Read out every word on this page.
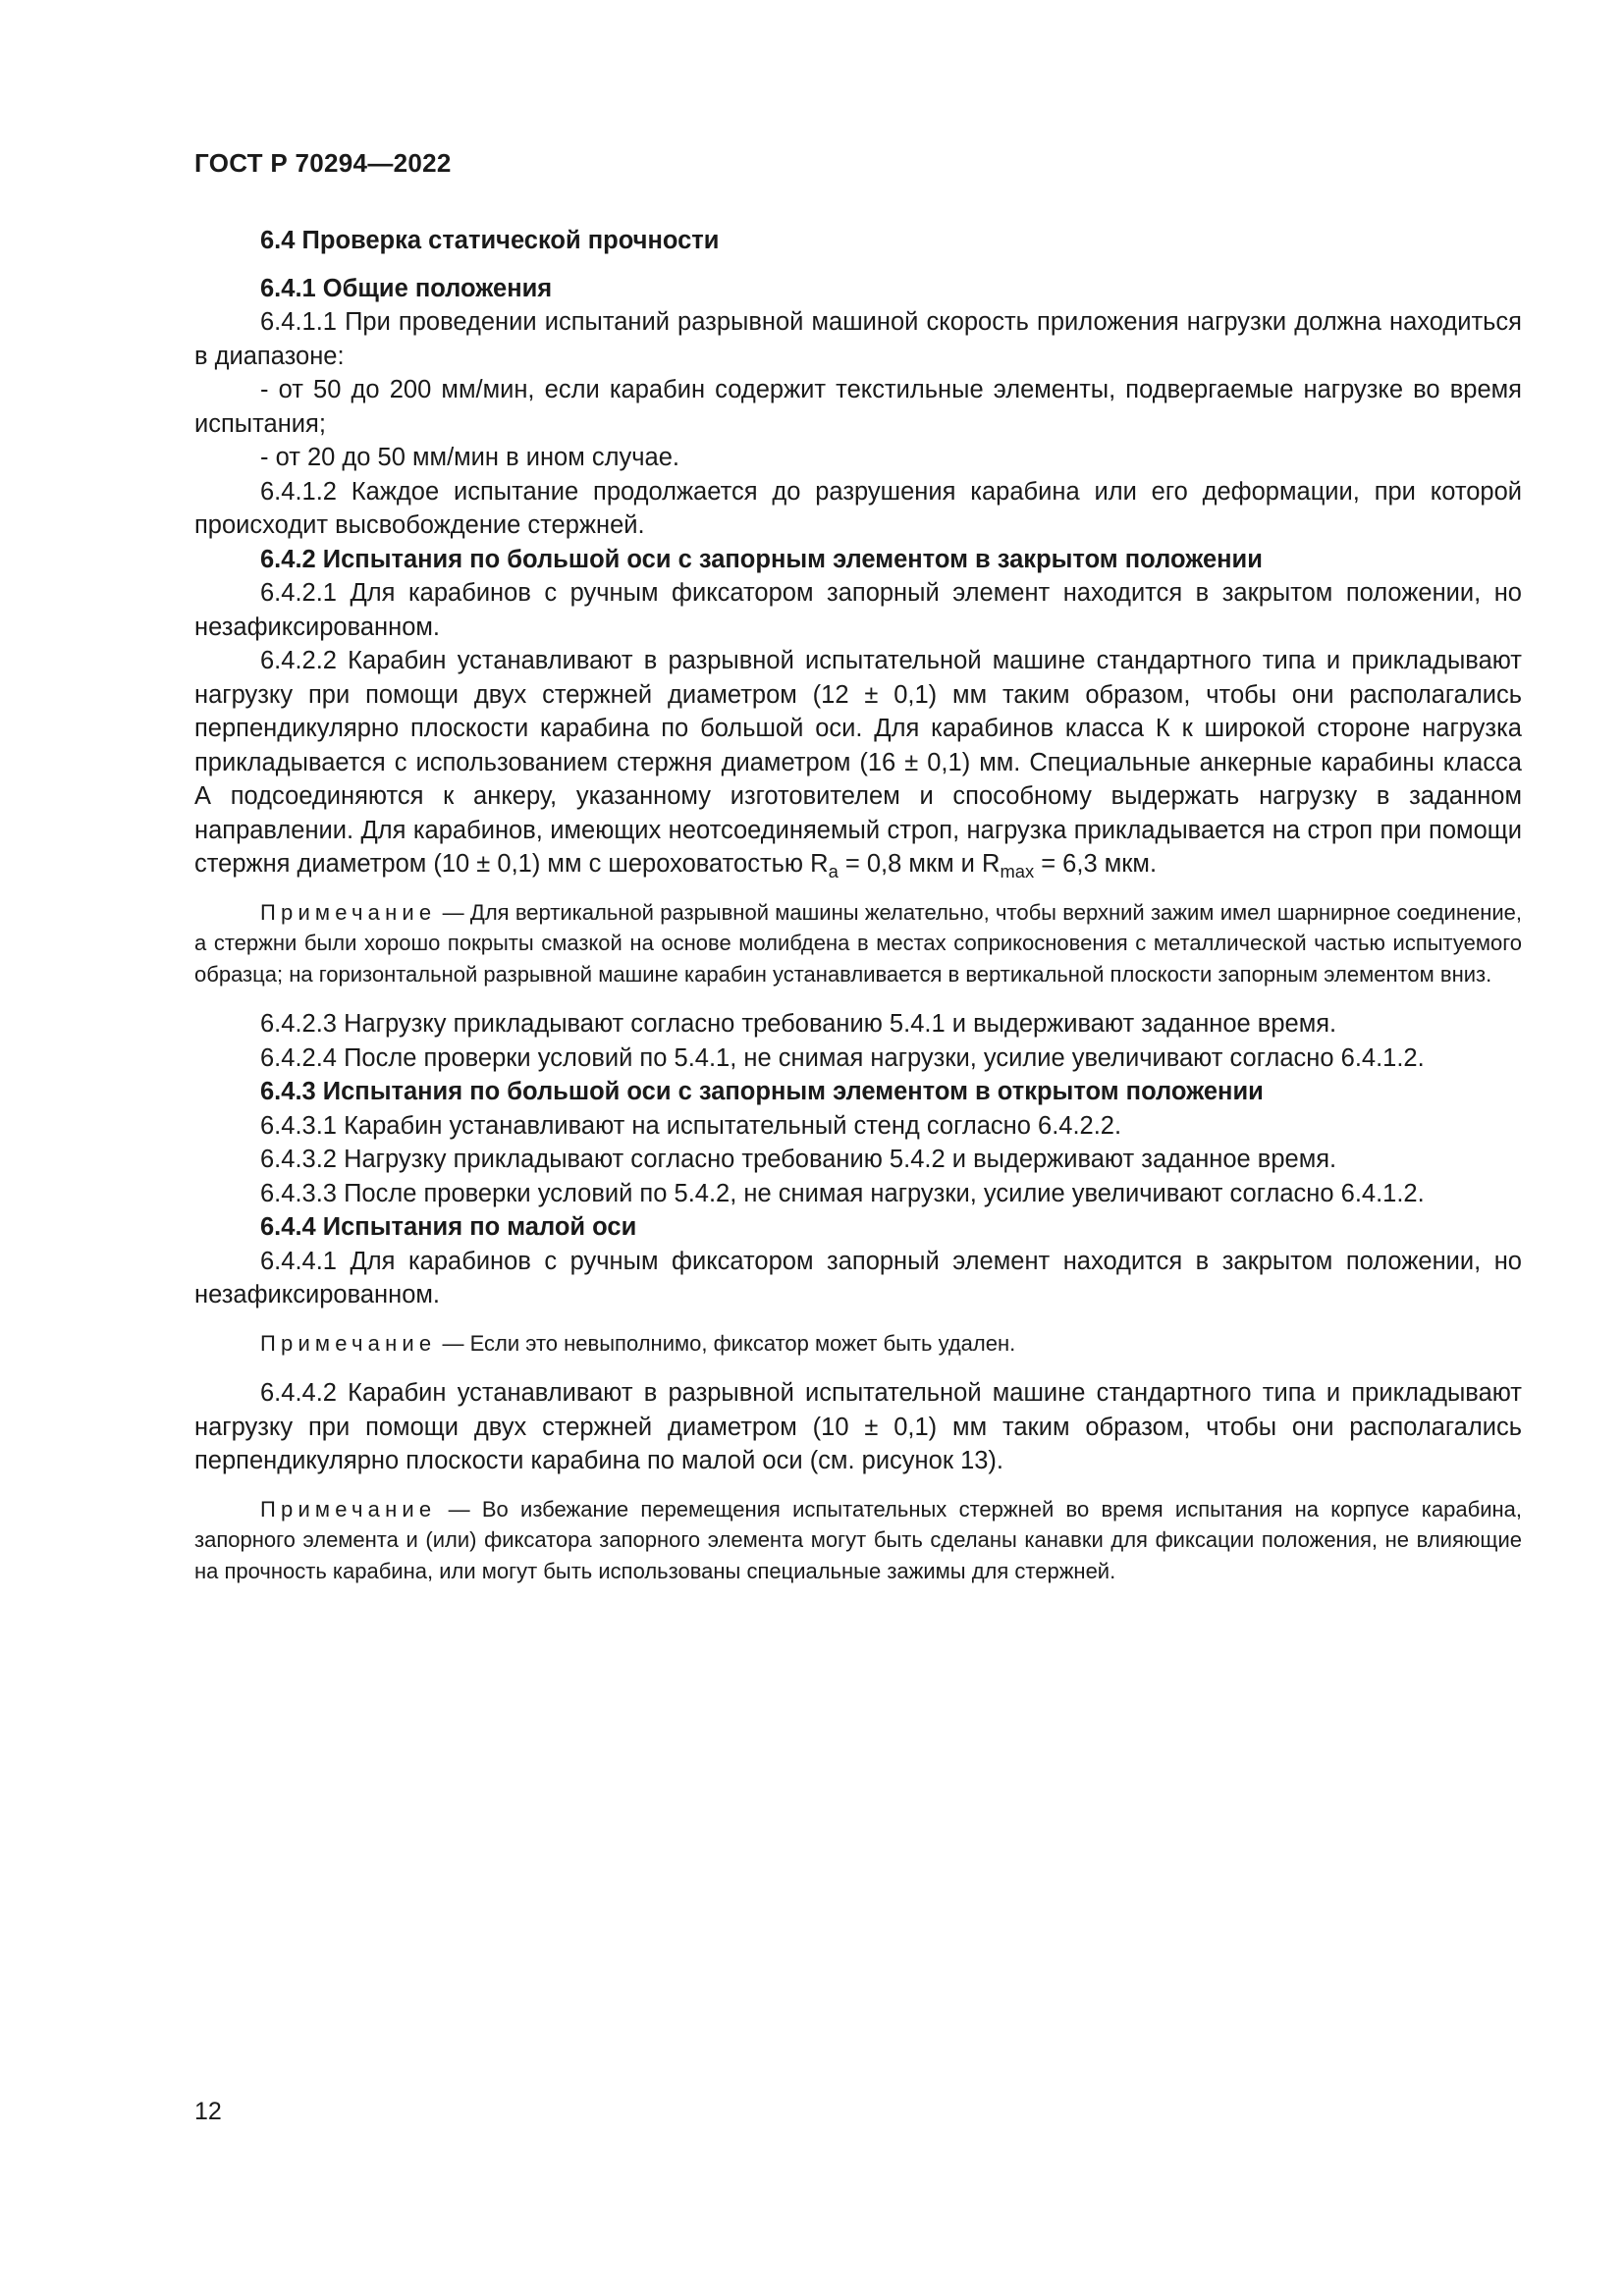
ГОСТ Р 70294—2022

6.4 Проверка статической прочности

6.4.1 Общие положения

6.4.1.1 При проведении испытаний разрывной машиной скорость приложения нагрузки должна находиться в диапазоне:

- от 50 до 200 мм/мин, если карабин содержит текстильные элементы, подвергаемые нагрузке во время испытания;

- от 20 до 50 мм/мин в ином случае.

6.4.1.2 Каждое испытание продолжается до разрушения карабина или его деформации, при которой происходит высвобождение стержней.

6.4.2 Испытания по большой оси с запорным элементом в закрытом положении

6.4.2.1 Для карабинов с ручным фиксатором запорный элемент находится в закрытом положении, но незафиксированном.

6.4.2.2 Карабин устанавливают в разрывной испытательной машине стандартного типа и прикладывают нагрузку при помощи двух стержней диаметром (12 ± 0,1) мм таким образом, чтобы они располагались перпендикулярно плоскости карабина по большой оси. Для карабинов класса К к широкой стороне нагрузка прикладывается с использованием стержня диаметром (16 ± 0,1) мм. Специальные анкерные карабины класса А подсоединяются к анкеру, указанному изготовителем и способному выдержать нагрузку в заданном направлении. Для карабинов, имеющих неотсоединяемый строп, нагрузка прикладывается на строп при помощи стержня диаметром (10 ± 0,1) мм с шероховатостью $R_a = 0,8$ мкм и $R_{max} = 6,3$ мкм.

Примечание — Для вертикальной разрывной машины желательно, чтобы верхний зажим имел шарнирное соединение, а стержни были хорошо покрыты смазкой на основе молибдена в местах соприкосновения с металлической частью испытуемого образца; на горизонтальной разрывной машине карабин устанавливается в вертикальной плоскости запорным элементом вниз.

6.4.2.3 Нагрузку прикладывают согласно требованию 5.4.1 и выдерживают заданное время.

6.4.2.4 После проверки условий по 5.4.1, не снимая нагрузки, усилие увеличивают согласно 6.4.1.2.

6.4.3 Испытания по большой оси с запорным элементом в открытом положении

6.4.3.1 Карабин устанавливают на испытательный стенд согласно 6.4.2.2.

6.4.3.2 Нагрузку прикладывают согласно требованию 5.4.2 и выдерживают заданное время.

6.4.3.3 После проверки условий по 5.4.2, не снимая нагрузки, усилие увеличивают согласно 6.4.1.2.

6.4.4 Испытания по малой оси

6.4.4.1 Для карабинов с ручным фиксатором запорный элемент находится в закрытом положении, но незафиксированном.

Примечание — Если это невыполнимо, фиксатор может быть удален.

6.4.4.2 Карабин устанавливают в разрывной испытательной машине стандартного типа и прикладывают нагрузку при помощи двух стержней диаметром (10 ± 0,1) мм таким образом, чтобы они располагались перпендикулярно плоскости карабина по малой оси (см. рисунок 13).

Примечание — Во избежание перемещения испытательных стержней во время испытания на корпусе карабина, запорного элемента и (или) фиксатора запорного элемента могут быть сделаны канавки для фиксации положения, не влияющие на прочность карабина, или могут быть использованы специальные зажимы для стержней.

12
